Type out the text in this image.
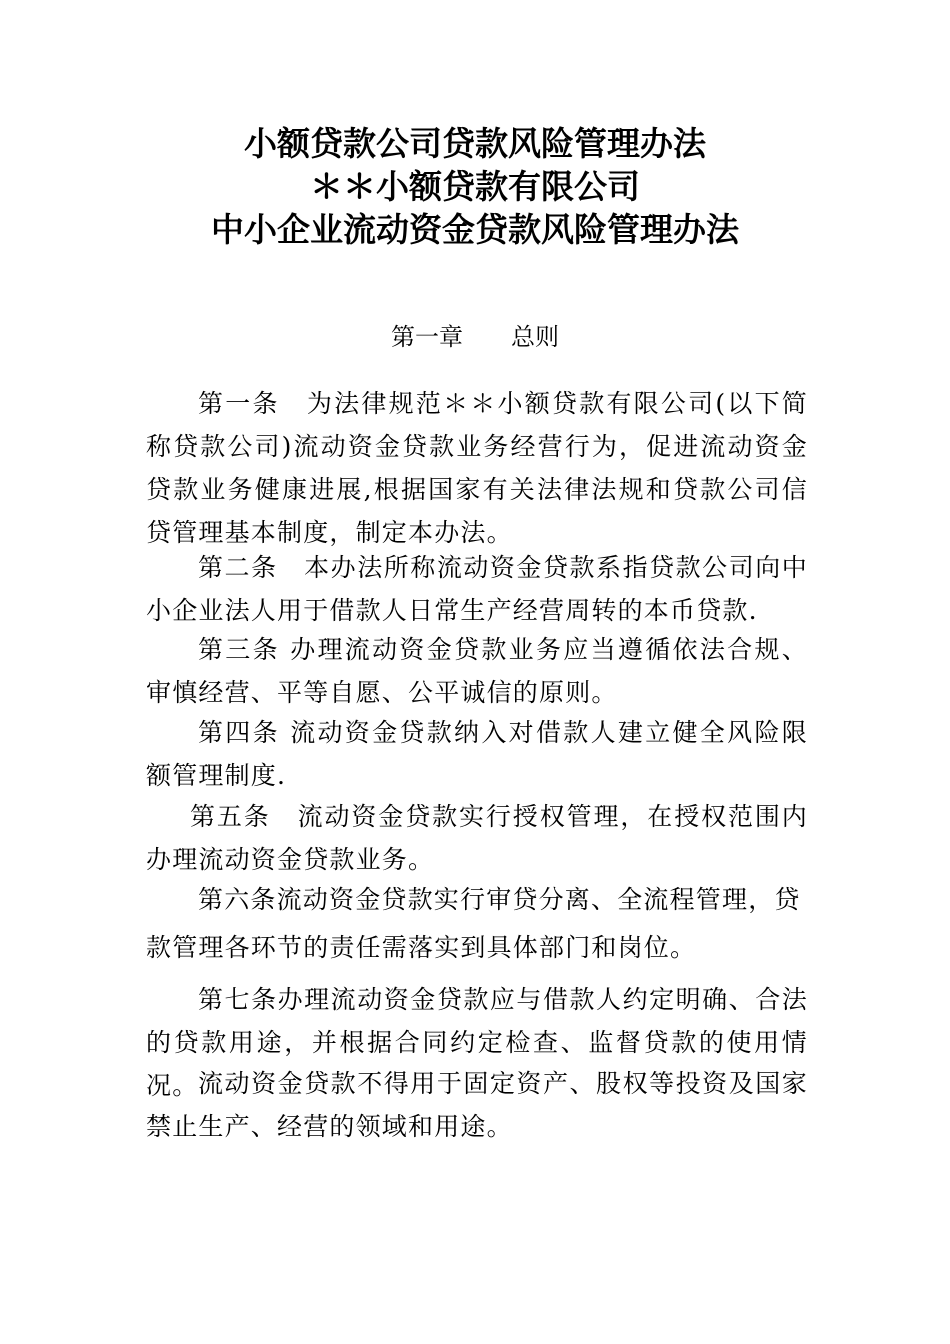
小额贷款公司贷款风险管理办法
＊＊小额贷款有限公司
中小企业流动资金贷款风险管理办法
第一章　　总则

第一条　为法律规范＊＊小额贷款有限公司(以下简称贷款公司)流动资金贷款业务经营行为，促进流动资金贷款业务健康进展,根据国家有关法律法规和贷款公司信贷管理基本制度，制定本办法。

第二条　本办法所称流动资金贷款系指贷款公司向中小企业法人用于借款人日常生产经营周转的本币贷款.

第三条 办理流动资金贷款业务应当遵循依法合规、审慎经营、平等自愿、公平诚信的原则。

第四条 流动资金贷款纳入对借款人建立健全风险限额管理制度.

第五条　流动资金贷款实行授权管理，在授权范围内办理流动资金贷款业务。

第六条流动资金贷款实行审贷分离、全流程管理，贷

款管理各环节的责任需落实到具体部门和岗位。

第七条办理流动资金贷款应与借款人约定明确、合法的贷款用途，并根据合同约定检查、监督贷款的使用情况。 流动资金贷款不得用于固定资产、股权等投资及国家禁止生产、经营的领域和用途。
